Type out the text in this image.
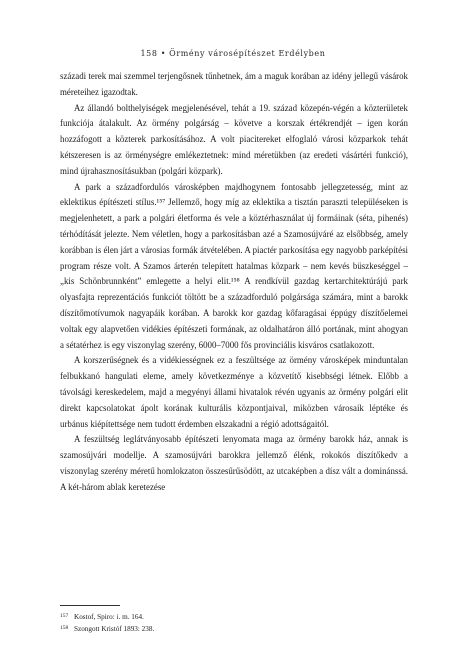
158 • Örmény városépítészet Erdélyben

századi terek mai szemmel terjengősnek tűnhetnek, ám a maguk korában az idény jellegű vásárok méreteihez igazodtak.

Az állandó bolthelyiségek megjelenésével, tehát a 19. század közepén-végén a közterületek funkciója átalakult. Az örmény polgárság – követve a korszak értékrendjét – igen korán hozzáfogott a közterek parkosításához. A volt piacitereket elfoglaló városi közparkok tehát kétszeresen is az örménységre emlékeztetnek: mind méretükben (az eredeti vásártéri funkció), mind újrahasznosításukban (polgári közpark).

A park a századfordulós városképben majdhogynem fontosabb jellegzetesség, mint az eklektikus építészeti stílus.¹⁵⁷ Jellemző, hogy míg az eklektika a tisztán paraszti településeken is megjelenhetett, a park a polgári életforma és vele a köztérhasználat új formáinak (séta, pihenés) térhódítását jelezte. Nem véletlen, hogy a parkosításban azé a Szamosújváré az elsőbbség, amely korábban is élen járt a városias formák átvételében. A piactér parkosítása egy nagyobb parképítési program része volt. A Szamos árterén telepített hatalmas közpark – nem kevés büszkeséggel – „kis Schönbrunnként” emlegette a helyi elit.¹⁵⁸ A rendkívül gazdag kertarchitektúrájú park olyasfajta reprezentációs funkciót töltött be a századforduló polgársága számára, mint a barokk díszítőmotívumok nagyapáik korában. A barokk kor gazdag kőfaragásai éppúgy díszítőelemei voltak egy alapvetően vidékies építészeti formának, az oldalhatáron álló portának, mint ahogyan a sétatérhez is egy viszonylag szerény, 6000–7000 fős provinciális kisváros csatlakozott.

A korszerűségnek és a vidékiességnek ez a feszültsége az örmény városképek minduntalan felbukkanó hangulati eleme, amely következménye a közvetítő kisebbségi létnek. Előbb a távolsági kereskedelem, majd a megyényi állami hivatalok révén ugyanis az örmény polgári elit direkt kapcsolatokat ápolt korának kulturális központjaival, miközben városaik léptéke és urbánus kiépítettsége nem tudott érdemben elszakadni a régió adottságaitól.

A feszültség leglátványosabb építészeti lenyomata maga az örmény barokk ház, annak is szamosújvári modellje. A szamosújvári barokkra jellemző élénk, rokokós díszítőkedv a viszonylag szerény méretű homlokzaton összesűrűsödött, az utcaképben a dísz vált a dominánssá. A két-három ablak keretezése

157 Kostof, Spiro: i. m. 164.
158 Szongott Kristóf 1893: 238.
